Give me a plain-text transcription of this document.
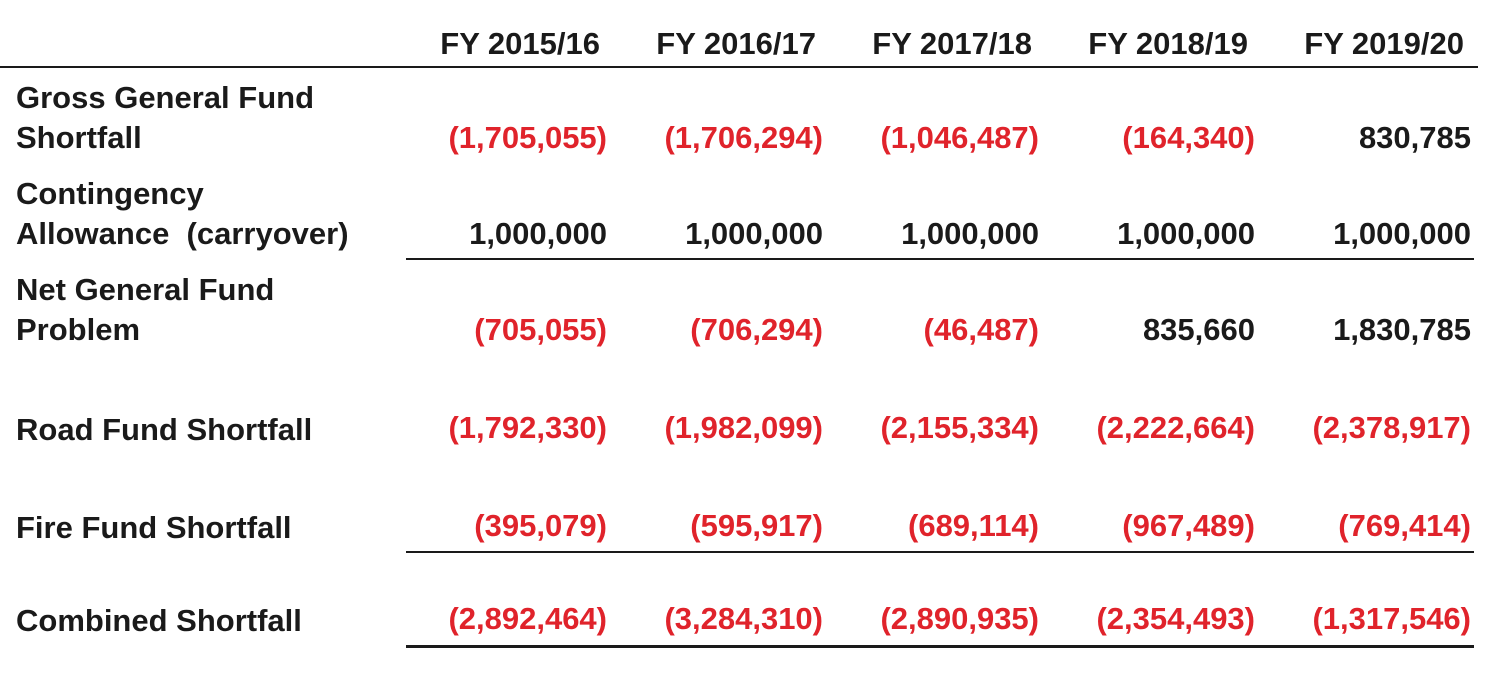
FY 2015/16	FY 2016/17	FY 2017/18	FY 2018/19	FY 2019/20
Gross General Fund
Shortfall	(1,705,055)	(1,706,294)	(1,046,487)	(164,340)	830,785
Contingency
Allowance  (carryover)	1,000,000	1,000,000	1,000,000	1,000,000	1,000,000
Net General Fund
Problem	(705,055)	(706,294)	(46,487)	835,660	1,830,785
Road Fund Shortfall	(1,792,330)	(1,982,099)	(2,155,334)	(2,222,664)	(2,378,917)
Fire Fund Shortfall	(395,079)	(595,917)	(689,114)	(967,489)	(769,414)
Combined Shortfall	(2,892,464)	(3,284,310)	(2,890,935)	(2,354,493)	(1,317,546)
